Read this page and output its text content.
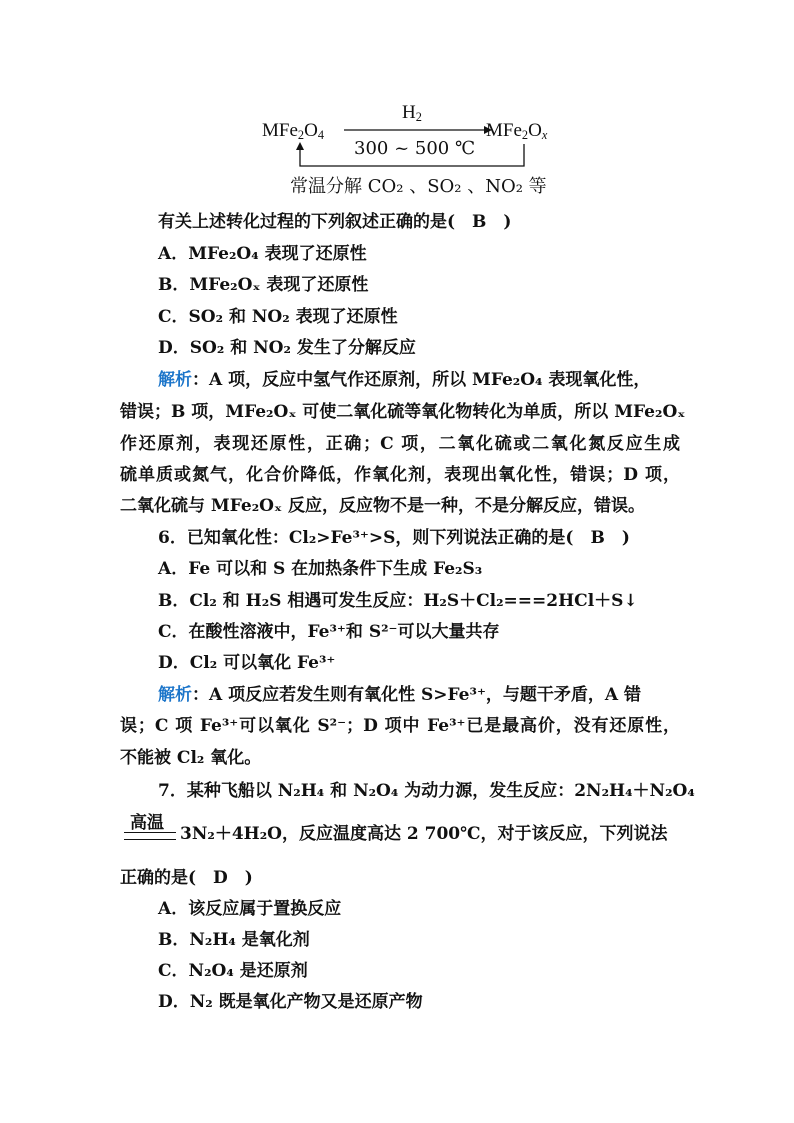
$MFe_2O_4$
$H_2$
300 ~ 500 ℃
$MFe_2O_x$
常温分解 CO₂ 、SO₂ 、NO₂ 等
有关上述转化过程的下列叙述正确的是(　B　)
A．MFe₂O₄ 表现了还原性
B．MFe₂Oₓ 表现了还原性
C．SO₂ 和 NO₂ 表现了还原性
D．SO₂ 和 NO₂ 发生了分解反应
解析：A 项，反应中氢气作还原剂，所以 MFe₂O₄ 表现氧化性，
错误；B 项，MFe₂Oₓ 可使二氧化硫等氧化物转化为单质，所以 MFe₂Oₓ
作还原剂，表现还原性，正确；C 项，二氧化硫或二氧化氮反应生成
硫单质或氮气，化合价降低，作氧化剂，表现出氧化性，错误；D 项，
二氧化硫与 MFe₂Oₓ 反应，反应物不是一种，不是分解反应，错误。
6．已知氧化性：Cl₂>Fe³⁺>S，则下列说法正确的是(　B　)
A．Fe 可以和 S 在加热条件下生成 Fe₂S₃
B．Cl₂ 和 H₂S 相遇可发生反应：H₂S＋Cl₂===2HCl＋S↓
C．在酸性溶液中，Fe³⁺和 S²⁻可以大量共存
D．Cl₂ 可以氧化 Fe³⁺
解析：A 项反应若发生则有氧化性 S>Fe³⁺，与题干矛盾，A 错
误；C 项 Fe³⁺可以氧化 S²⁻；D 项中 Fe³⁺已是最高价，没有还原性，
不能被 Cl₂ 氧化。
7．某种飞船以 N₂H₄ 和 N₂O₄ 为动力源，发生反应：2N₂H₄＋N₂O₄
高温
3N₂＋4H₂O，反应温度高达 2 700℃，对于该反应，下列说法
正确的是(　D　)
A．该反应属于置换反应
B．N₂H₄ 是氧化剂
C．N₂O₄ 是还原剂
D．N₂ 既是氧化产物又是还原产物
